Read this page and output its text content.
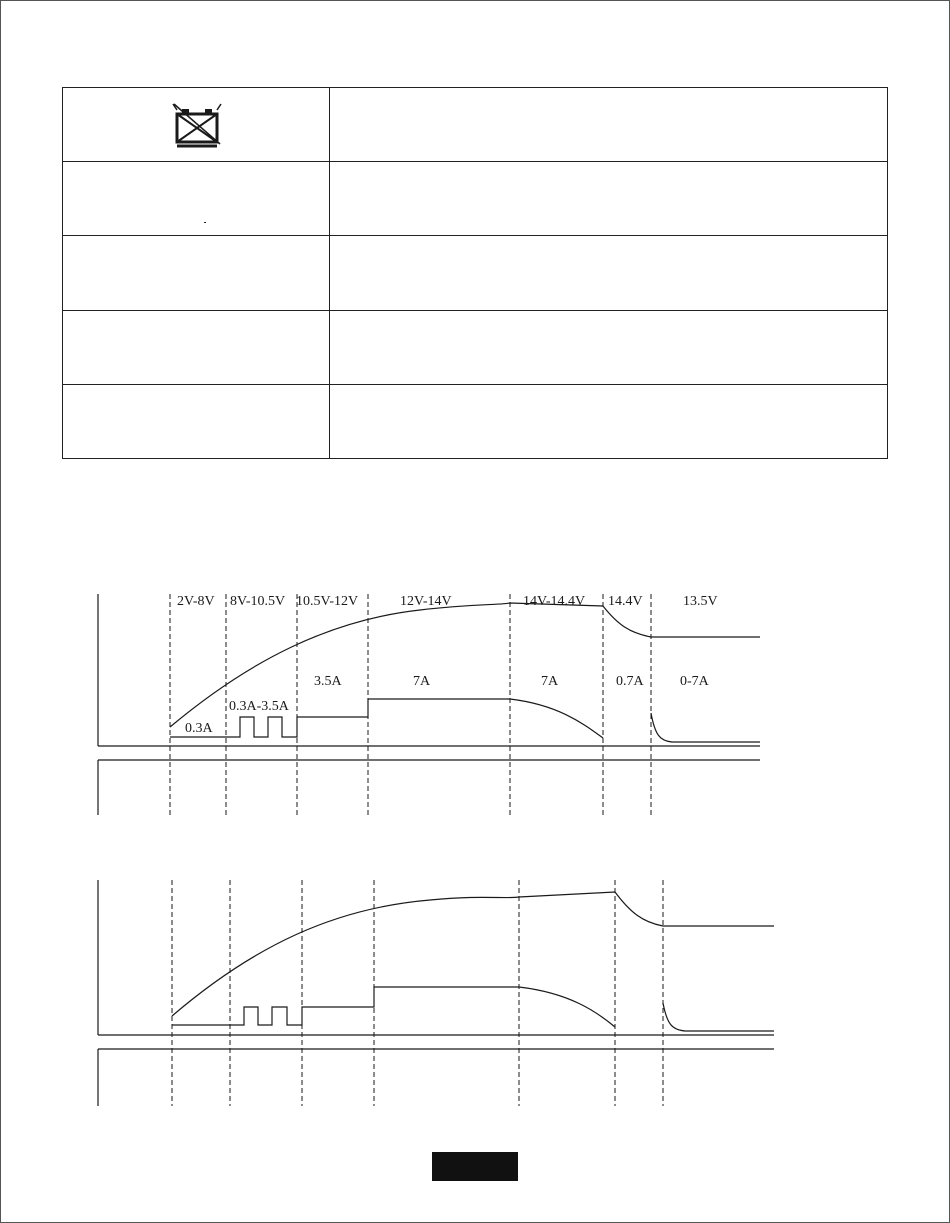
2V-8V 8V-10.5V 10.5V-12V	12V-14V	14V-14.4V 14.4V	13.5V
0.3A
0.3A-3.5A
3.5A	7A	7A	0.7A	0-7A
